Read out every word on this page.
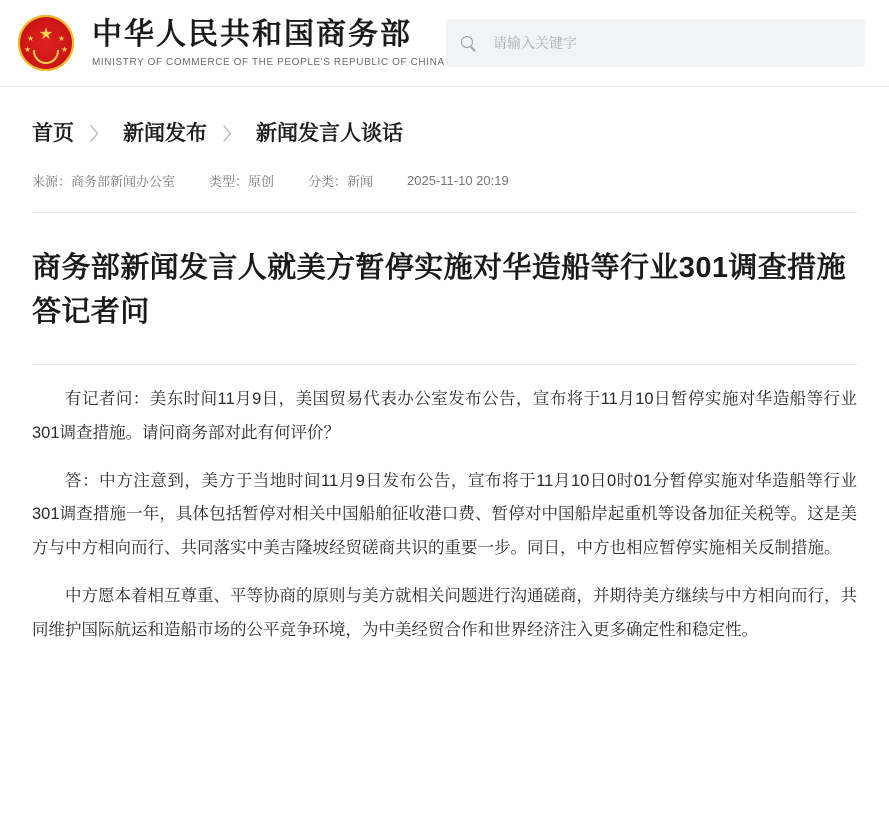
★
★
★
★
★ 中华人民共和国商务部
MINISTRY OF COMMERCE OF THE PEOPLE'S REPUBLIC OF CHINA
请输入关键字
首页 〉 新闻发布 〉 新闻发言人谈话
来源：商务部新闻办公室	类型：原创	分类：新闻	2025-11-10 20:19
商务部新闻发言人就美方暂停实施对华造船等行业301调查措施答记者问

有记者问：美东时间11月9日，美国贸易代表办公室发布公告，宣布将于11月10日暂停实施对华造船等行业301调查措施。请问商务部对此有何评价？

答：中方注意到，美方于当地时间11月9日发布公告，宣布将于11月10日0时01分暂停实施对华造船等行业301调查措施一年，具体包括暂停对相关中国船舶征收港口费、暂停对中国船岸起重机等设备加征关税等。这是美方与中方相向而行、共同落实中美吉隆坡经贸磋商共识的重要一步。同日，中方也相应暂停实施相关反制措施。

中方愿本着相互尊重、平等协商的原则与美方就相关问题进行沟通磋商，并期待美方继续与中方相向而行，共同维护国际航运和造船市场的公平竞争环境，为中美经贸合作和世界经济注入更多确定性和稳定性。
